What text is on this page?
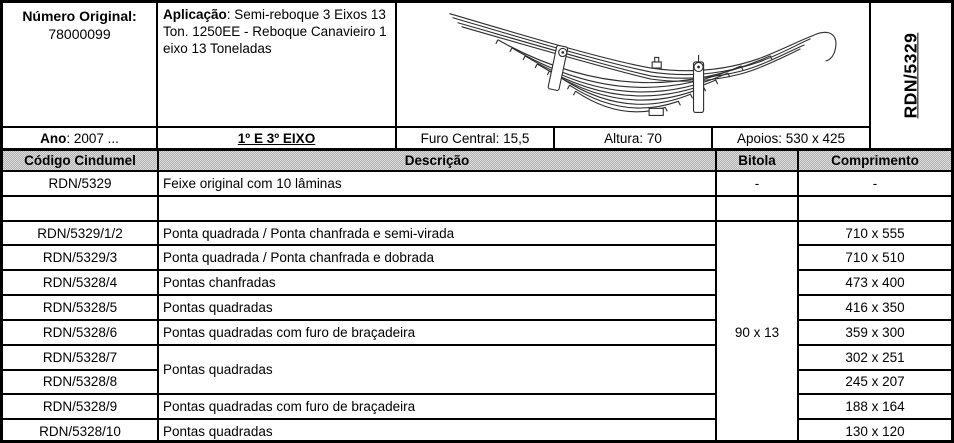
Número Original:
78000099
Ano : 2007 ...
Aplicação: Semi-reboque 3 Eixos 13 Ton. 1250EE - Reboque Canavieiro 1 eixo 13 Toneladas
1º E 3º EIXO	Furo Central: 15,5	Altura: 70	Apoios: 530 x 425
RDN/5329
Código Cindumel	Descrição	Bitola	Comprimento
RDN/5329	Feixe original com 10 lâminas	-	-

RDN/5329/1/2	Ponta quadrada / Ponta chanfrada e semi-virada	90 x 13	710 x 555
RDN/5329/3	Ponta quadrada / Ponta chanfrada e dobrada		710 x 510
RDN/5328/4	Pontas chanfradas		473 x 400
RDN/5328/5	Pontas quadradas		416 x 350
RDN/5328/6	Pontas quadradas com furo de braçadeira		359 x 300
RDN/5328/7	Pontas quadradas		302 x 251
RDN/5328/8			245 x 207
RDN/5328/9	Pontas quadradas com furo de braçadeira		188 x 164
RDN/5328/10	Pontas quadradas		130 x 120
